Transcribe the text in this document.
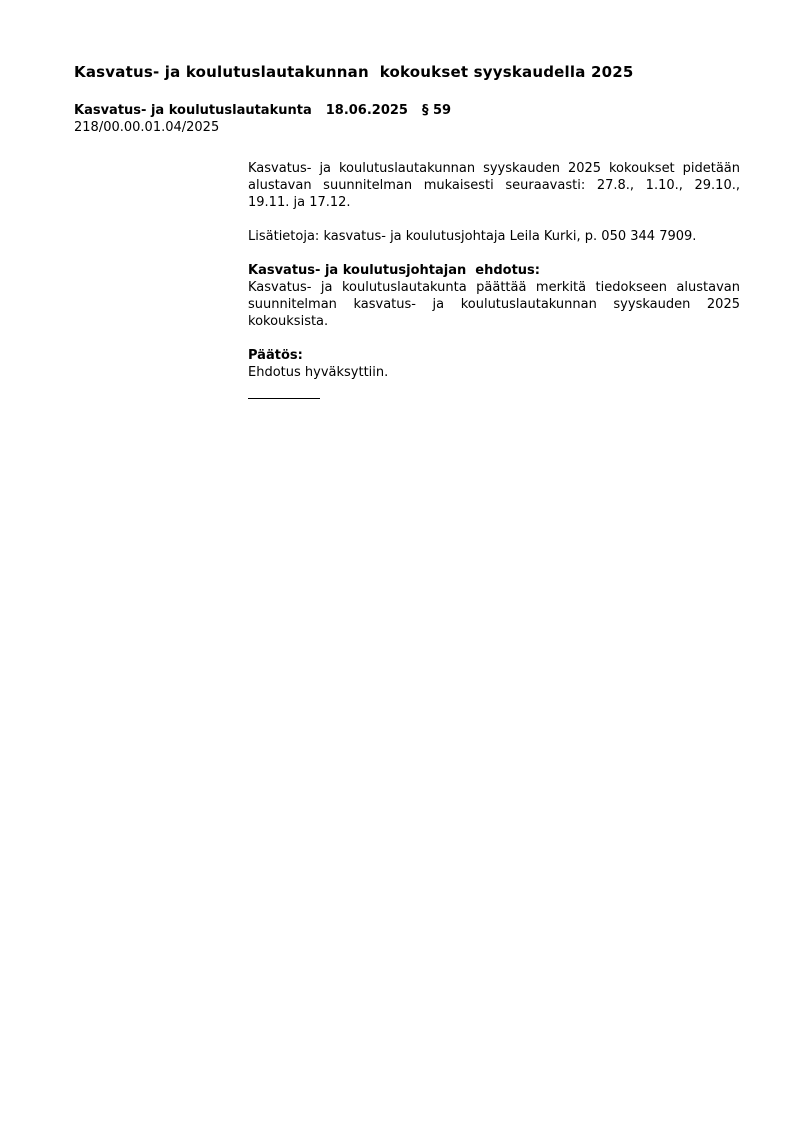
Kasvatus- ja koulutuslautakunnan  kokoukset syyskaudella 2025
Kasvatus- ja koulutuslautakunta 18.06.2025 § 59
218/00.00.01.04/2025

Kasvatus- ja koulutuslautakunnan syyskauden 2025 kokoukset pidetään alustavan suunnitelman mukaisesti seuraavasti: 27.8., 1.10., 29.10., 19.11. ja 17.12.

Lisätietoja: kasvatus- ja koulutusjohtaja Leila Kurki, p. 050 344 7909.

Kasvatus- ja koulutusjohtajan  ehdotus:
Kasvatus- ja koulutuslautakunta päättää merkitä tiedokseen alustavan suunnitelman kasvatus- ja koulutuslautakunnan syyskauden 2025 kokouksista.

Päätös:
Ehdotus hyväksyttiin.
